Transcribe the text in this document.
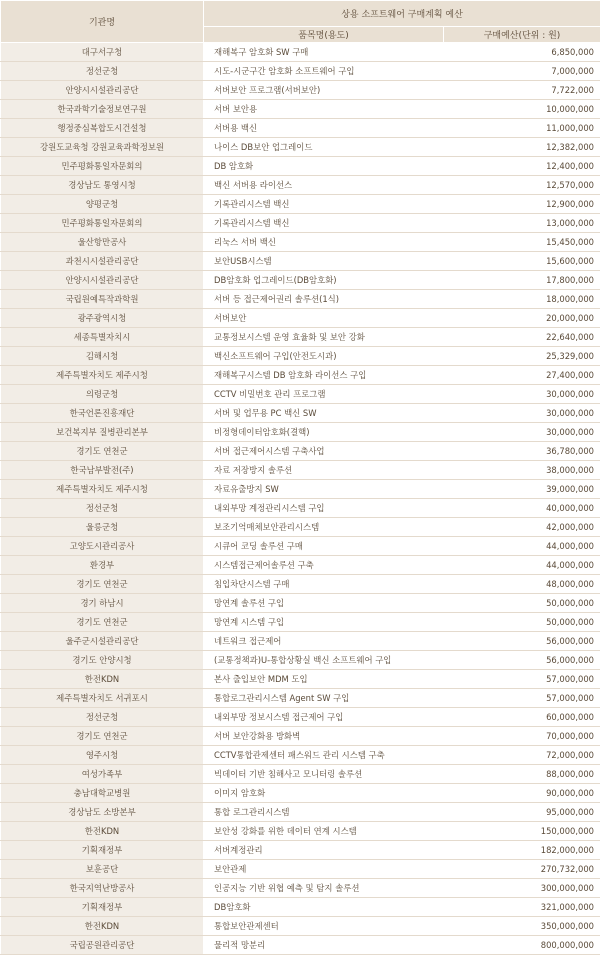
기관명	상용 소프트웨어 구매계획 예산	
	품목명(용도)	구매예산(단위 : 원)
대구서구청	재해복구 암호화 SW 구매	6,850,000
정선군청	시도-시군구간 암호화 소프트웨어 구입	7,000,000
안양시시설관리공단	서버보안 프로그램(서버보안)	7,722,000
한국과학기술정보연구원	서버 보안용	10,000,000
행정중심복합도시건설청	서버용 백신	11,000,000
강원도교육청 강원교육과학정보원	나이스 DB보안 업그레이드	12,382,000
민주평화통일자문회의	DB 암호화	12,400,000
경상남도 통영시청	백신 서버용 라이선스	12,570,000
양평군청	기록관리시스템 백신	12,900,000
민주평화통일자문회의	기록관리시스템 백신	13,000,000
울산항만공사	리눅스 서버 백신	15,450,000
과천시시설관리공단	보안USB시스템	15,600,000
안양시시설관리공단	DB암호화 업그레이드(DB암호화)	17,800,000
국립원예특작과학원	서버 등 접근제어권리 솔루션(1식)	18,000,000
광주광역시청	서버보안	20,000,000
세종특별자치시	교통정보시스템 운영 효율화 및 보안 강화	22,640,000
김해시청	백신소프트웨어 구입(안전도시과)	25,329,000
제주특별자치도 제주시청	재해복구시스템 DB 암호화 라이선스 구입	27,400,000
의령군청	CCTV 비밀번호 관리 프로그램	30,000,000
한국언론진흥재단	서버 및 업무용 PC 백신 SW	30,000,000
보건복지부 질병관리본부	비정형데이터암호화(결핵)	30,000,000
경기도 연천군	서버 접근제어시스템 구축사업	36,780,000
한국남부발전(주)	자료 저장방지 솔루션	38,000,000
제주특별자치도 제주시청	자료유출방지 SW	39,000,000
정선군청	내외부망 계정관리시스템 구입	40,000,000
울릉군청	보조기억매체보안관리시스템	42,000,000
고양도시관리공사	시큐어 코딩 솔루션 구매	44,000,000
환경부	시스템접근제어솔루션 구축	44,000,000
경기도 연천군	침입차단시스템 구매	48,000,000
경기 하남시	망연계 솔루션 구입	50,000,000
경기도 연천군	망연계 시스템 구입	50,000,000
울주군시설관리공단	네트워크 접근제어	56,000,000
경기도 안양시청	(교통정책과)U-통합상황실 백신 소프트웨어 구입	56,000,000
한전KDN	본사 출입보안 MDM 도입	57,000,000
제주특별자치도 서귀포시	통합로그관리시스템 Agent SW 구입	57,000,000
정선군청	내외부망 정보시스템 접근제어 구입	60,000,000
경기도 연천군	서버 보안강화용 방화벽	70,000,000
영주시청	CCTV통합관제센터 패스워드 관리 시스템 구축	72,000,000
여성가족부	빅데이터 기반 침해사고 모니터링 솔루션	88,000,000
충남대학교병원	이미지 암호화	90,000,000
경상남도 소방본부	통합 로그관리시스템	95,000,000
한전KDN	보안성 강화를 위한 데이터 연계 시스템	150,000,000
기획재정부	서버계정관리	182,000,000
보훈공단	보안관제	270,732,000
한국지역난방공사	인공지능 기반 위협 예측 및 탐지 솔루션	300,000,000
기획재정부	DB암호화	321,000,000
한전KDN	통합보안관제센터	350,000,000
국립공원관리공단	물리적 망분리	800,000,000
